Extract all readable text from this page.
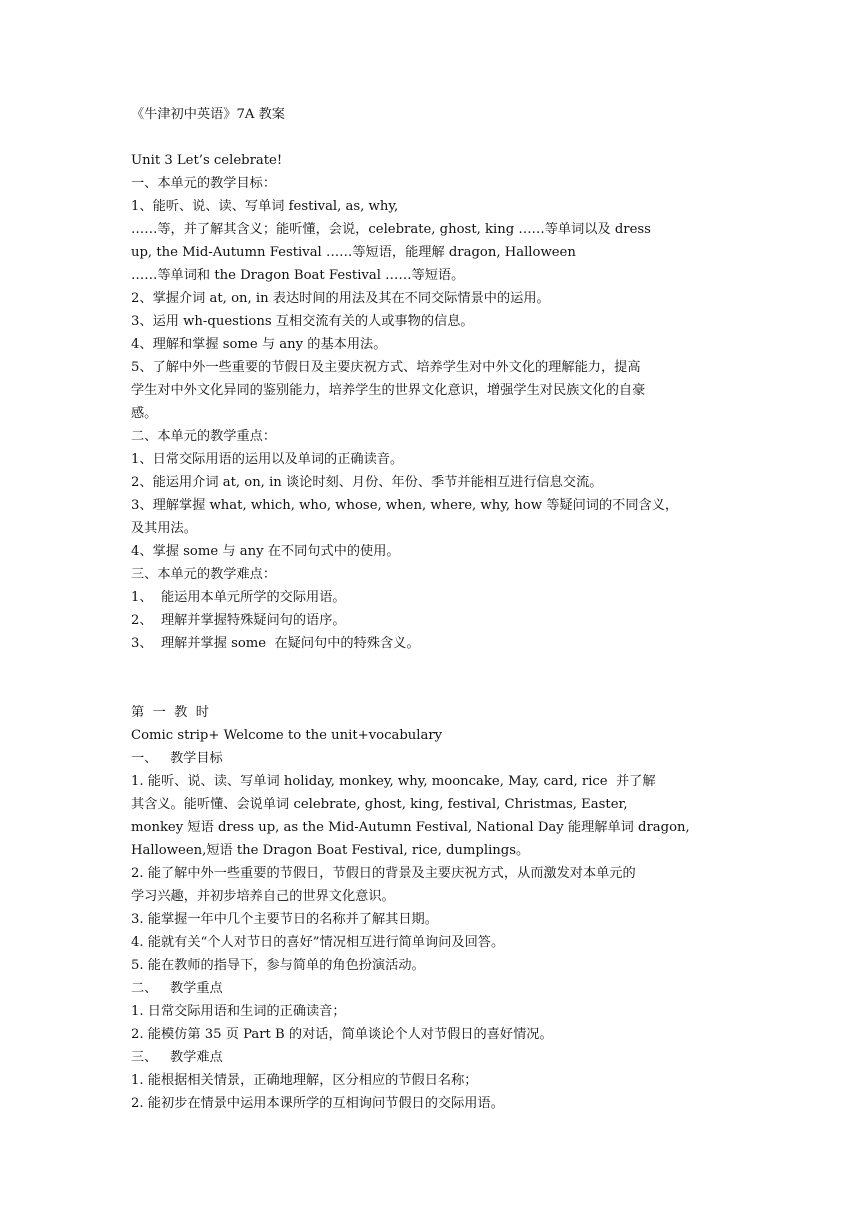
《牛津初中英语》7A 教案
Unit 3 Let’s celebrate!
一、本单元的教学目标：
1、能听、说、读、写单词 festival, as, why,
……等，并了解其含义；能听懂，会说，celebrate, ghost, king ……等单词以及 dress
up, the Mid-Autumn Festival ……等短语，能理解 dragon, Halloween
……等单词和 the Dragon Boat Festival ……等短语。
2、掌握介词 at, on, in 表达时间的用法及其在不同交际情景中的运用。
3、运用 wh-questions 互相交流有关的人或事物的信息。
4、理解和掌握 some 与 any 的基本用法。
5、了解中外一些重要的节假日及主要庆祝方式、培养学生对中外文化的理解能力，提高
学生对中外文化异同的鉴别能力，培养学生的世界文化意识，增强学生对民族文化的自豪
感。
二、本单元的教学重点：
1、日常交际用语的运用以及单词的正确读音。
2、能运用介词 at, on, in 谈论时刻、月份、年份、季节并能相互进行信息交流。
3、理解掌握 what, which, who, whose, when, where, why, how 等疑问词的不同含义，
及其用法。
4、掌握 some 与 any 在不同句式中的使用。
三、本单元的教学难点：
1、  能运用本单元所学的交际用语。
2、  理解并掌握特殊疑问句的语序。
3、  理解并掌握 some  在疑问句中的特殊含义。
第  一  教  时
Comic strip+ Welcome to the unit+vocabulary
一、   教学目标
1. 能听、说、读、写单词 holiday, monkey, why, mooncake, May, card, rice  并了解
其含义。能听懂、会说单词 celebrate, ghost, king, festival, Christmas, Easter,
monkey 短语 dress up, as the Mid-Autumn Festival, National Day 能理解单词 dragon,
Halloween,短语 the Dragon Boat Festival, rice, dumplings。
2. 能了解中外一些重要的节假日，节假日的背景及主要庆祝方式，从而激发对本单元的
学习兴趣，并初步培养自己的世界文化意识。
3. 能掌握一年中几个主要节日的名称并了解其日期。
4. 能就有关“个人对节日的喜好”情况相互进行简单询问及回答。
5. 能在教师的指导下，参与简单的角色扮演活动。
二、   教学重点
1. 日常交际用语和生词的正确读音；
2. 能模仿第 35 页 Part B 的对话，简单谈论个人对节假日的喜好情况。
三、   教学难点
1. 能根据相关情景，正确地理解，区分相应的节假日名称；
2. 能初步在情景中运用本课所学的互相询问节假日的交际用语。
